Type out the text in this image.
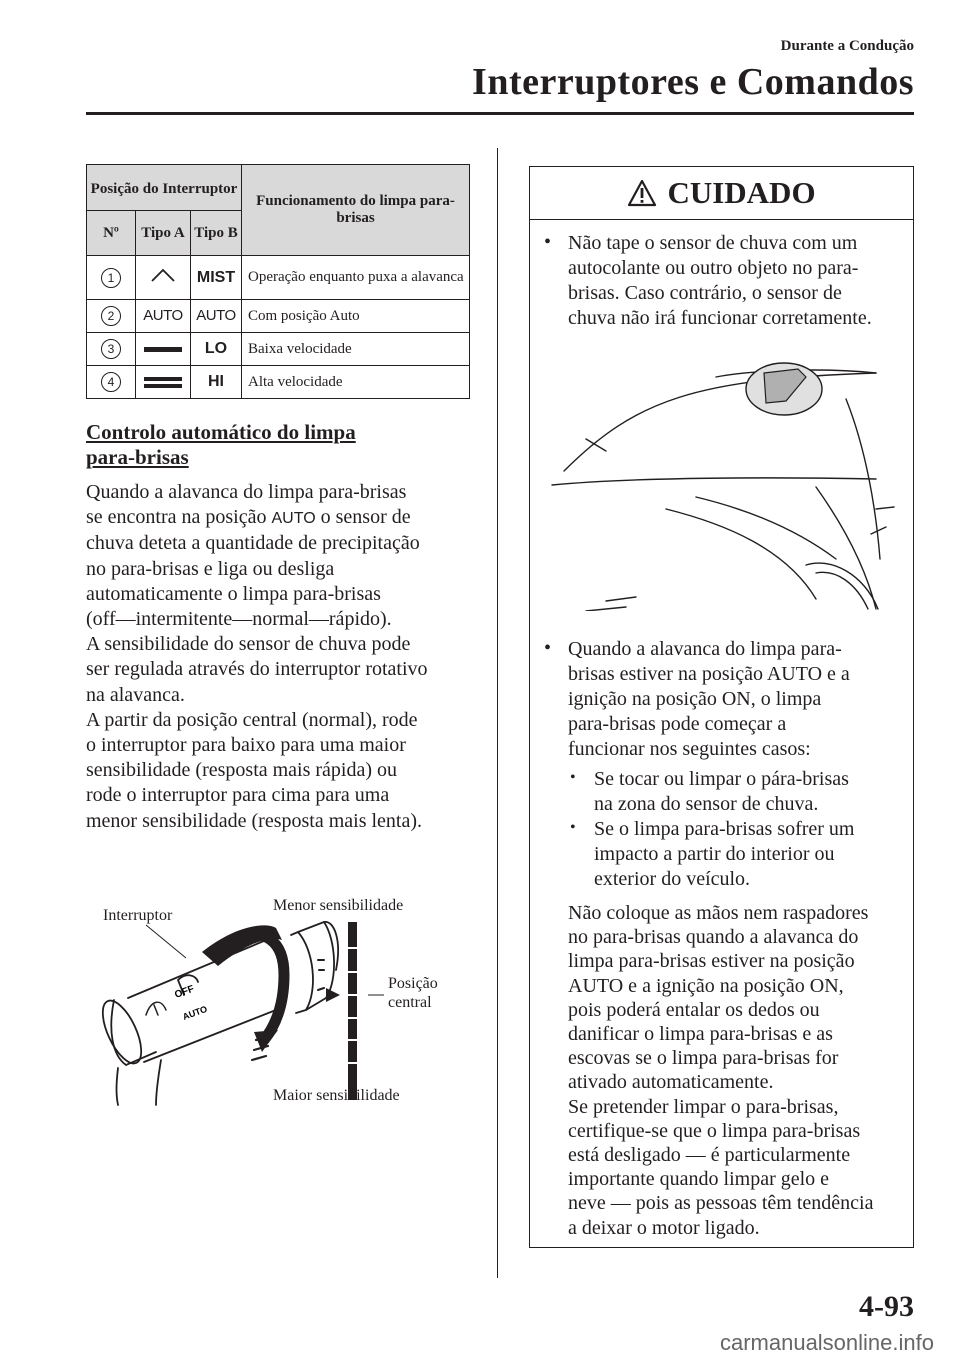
Durante a Condução
Interruptores e Comandos
Posição do Interruptor			Funcionamento do limpa para-brisas
Nº	Tipo A	Tipo B	
1		MIST	Operação enquanto puxa a alavanca
2	AUTO	AUTO	Com posição Auto
3		LO	Baixa velocidade
4		HI	Alta velocidade
Controlo automático do limpa
para-brisas

Quando a alavanca do limpa para-brisas
se encontra na posição AUTO o sensor de
chuva deteta a quantidade de precipitação
no para-brisas e liga ou desliga
automaticamente o limpa para-brisas
(off—intermitente—normal—rápido).

A sensibilidade do sensor de chuva pode
ser regulada através do interruptor rotativo
na alavanca.

A partir da posição central (normal), rode
o interruptor para baixo para uma maior
sensibilidade (resposta mais rápida) ou
rode o interruptor para cima para uma
menor sensibilidade (resposta mais lenta).

OFF
AUTO
Interruptor
Menor sensibilidade
Posição
central
Maior sensibilidade
CUIDADO
• Não tape o sensor de chuva com um
autocolante ou outro objeto no para-
brisas. Caso contrário, o sensor de
chuva não irá funcionar corretamente.
• Quando a alavanca do limpa para-
brisas estiver na posição AUTO e a
ignição na posição ON, o limpa
para-brisas pode começar a
funcionar nos seguintes casos:
• Se tocar ou limpar o pára-brisas
na zona do sensor de chuva.
• Se o limpa para-brisas sofrer um
impacto a partir do interior ou
exterior do veículo.
Não coloque as mãos nem raspadores
no para-brisas quando a alavanca do
limpa para-brisas estiver na posição
AUTO e a ignição na posição ON,
pois poderá entalar os dedos ou
danificar o limpa para-brisas e as
escovas se o limpa para-brisas for
ativado automaticamente.
Se pretender limpar o para-brisas,
certifique-se que o limpa para-brisas
está desligado — é particularmente
importante quando limpar gelo e
neve — pois as pessoas têm tendência
a deixar o motor ligado.
4-93
carmanualsonline.info
